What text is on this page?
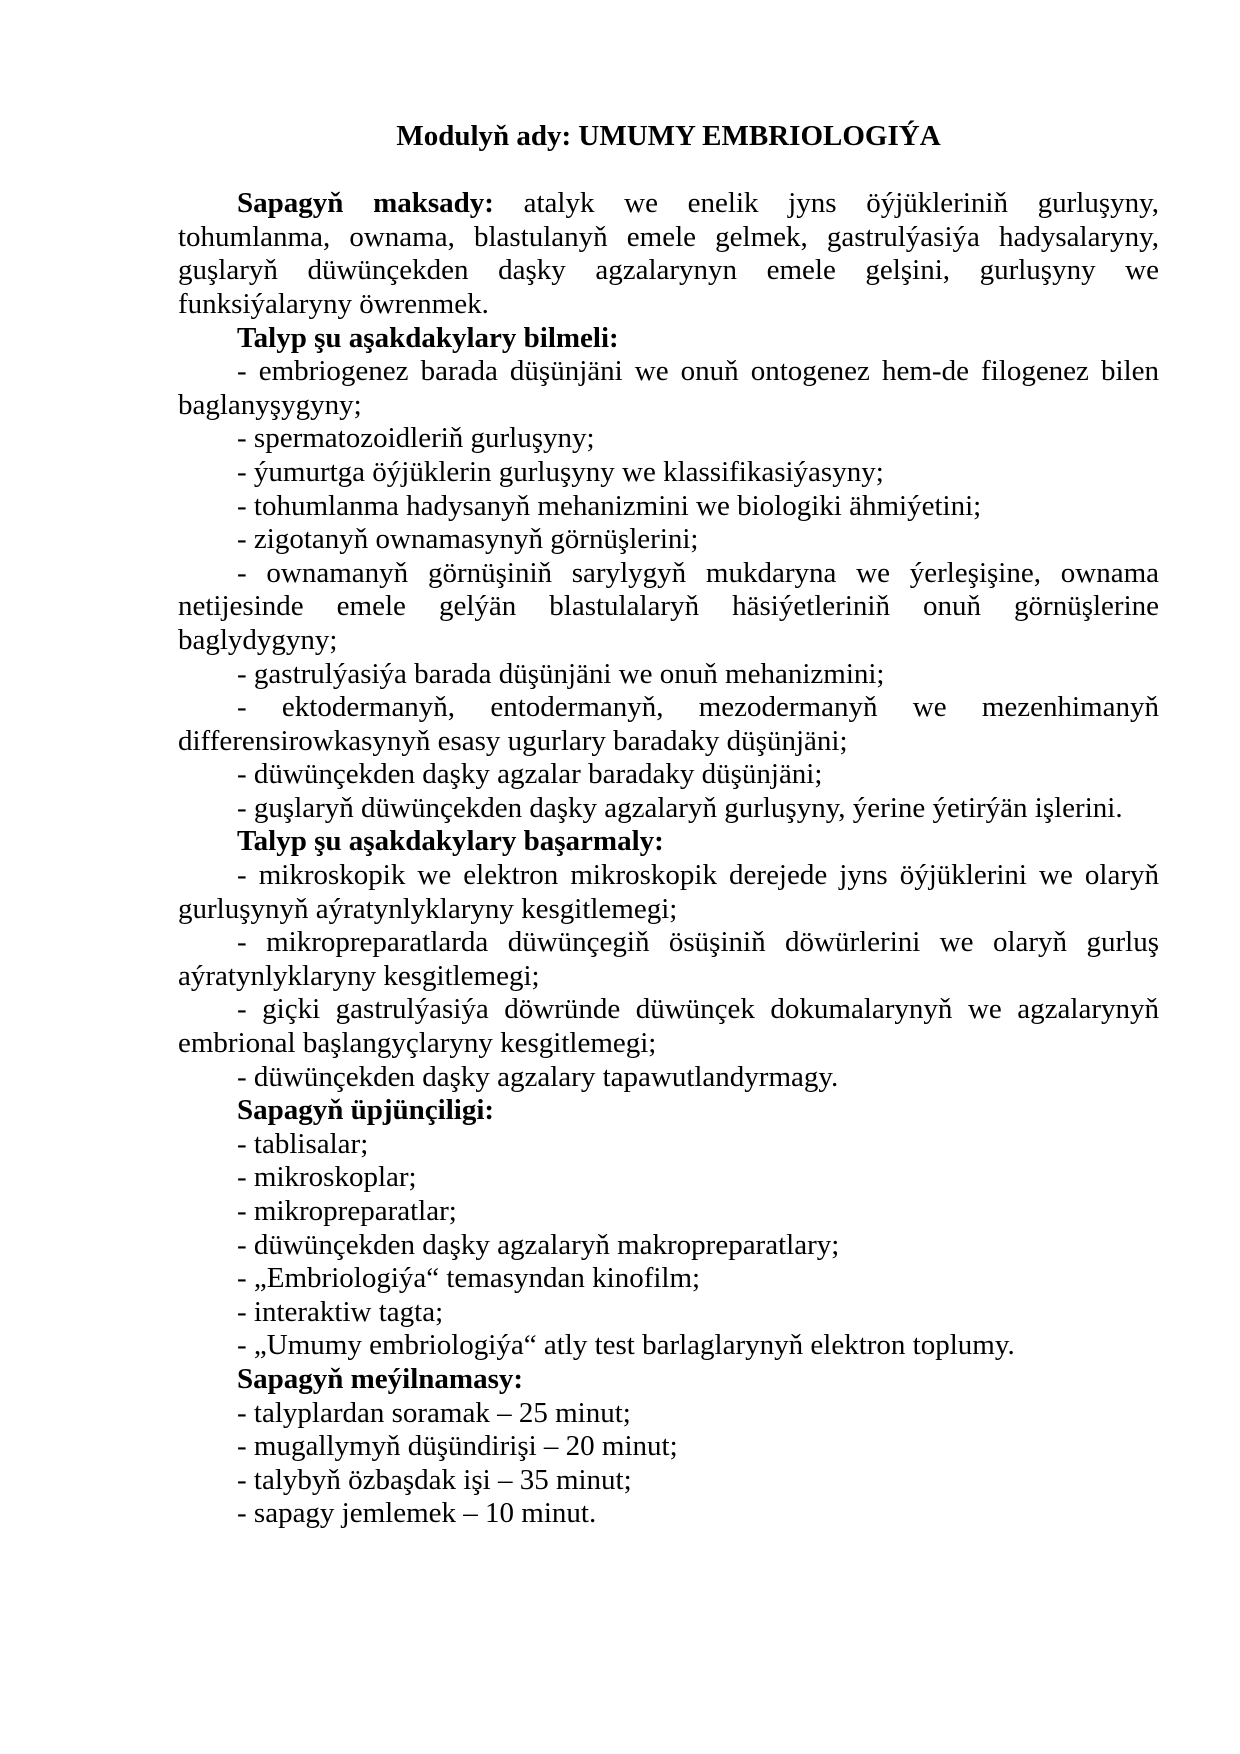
Modulyň ady: UMUMY EMBRIOLOGIÝA

Sapagyň maksady: atalyk we enelik jyns öýjükleriniň gurluşyny, tohumlanma, ownama, blastulanyň emele gelmek, gastrulýasiýa hadysalaryny, guşlaryň düwünçekden daşky agzalarynyn emele gelşini, gurluşyny we funksiýalaryny öwrenmek.

Talyp şu aşakdakylary bilmeli:

- embriogenez barada düşünjäni we onuň ontogenez hem-de filogenez bilen baglanyşygyny;

- spermatozoidleriň gurluşyny;

- ýumurtga öýjüklerin gurluşyny we klassifikasiýasyny;

- tohumlanma hadysanyň mehanizmini we biologiki ähmiýetini;

- zigotanyň ownamasynyň görnüşlerini;

- ownamanyň görnüşiniň sarylygyň mukdaryna we ýerleşişine, ownama netijesinde emele gelýän blastulalaryň häsiýetleriniň onuň görnüşlerine baglydygyny;

- gastrulýasiýa barada düşünjäni we onuň mehanizmini;

- ektodermanyň, entodermanyň, mezodermanyň we mezenhimanyň differensirowkasynyň esasy ugurlary baradaky düşünjäni;

- düwünçekden daşky agzalar baradaky düşünjäni;

- guşlaryň düwünçekden daşky agzalaryň gurluşyny, ýerine ýetirýän işlerini.

Talyp şu aşakdakylary başarmaly:

- mikroskopik we elektron mikroskopik derejede jyns öýjüklerini we olaryň gurluşynyň aýratynlyklaryny kesgitlemegi;

- mikropreparatlarda düwünçegiň ösüşiniň döwürlerini we olaryň gurluş aýratynlyklaryny kesgitlemegi;

- giçki gastrulýasiýa döwründe düwünçek dokumalarynyň we agzalarynyň embrional başlangyçlaryny kesgitlemegi;

- düwünçekden daşky agzalary tapawutlandyrmagy.

Sapagyň üpjünçiligi:

- tablisalar;

- mikroskoplar;

- mikropreparatlar;

- düwünçekden daşky agzalaryň makropreparatlary;

- „Embriologiýa“ temasyndan kinofilm;

- interaktiw tagta;

- „Umumy embriologiýa“ atly test barlaglarynyň elektron toplumy.

Sapagyň meýilnamasy:

- talyplardan soramak – 25 minut;

- mugallymyň düşündirişi – 20 minut;

- talybyň özbaşdak işi – 35 minut;

- sapagy jemlemek – 10 minut.
